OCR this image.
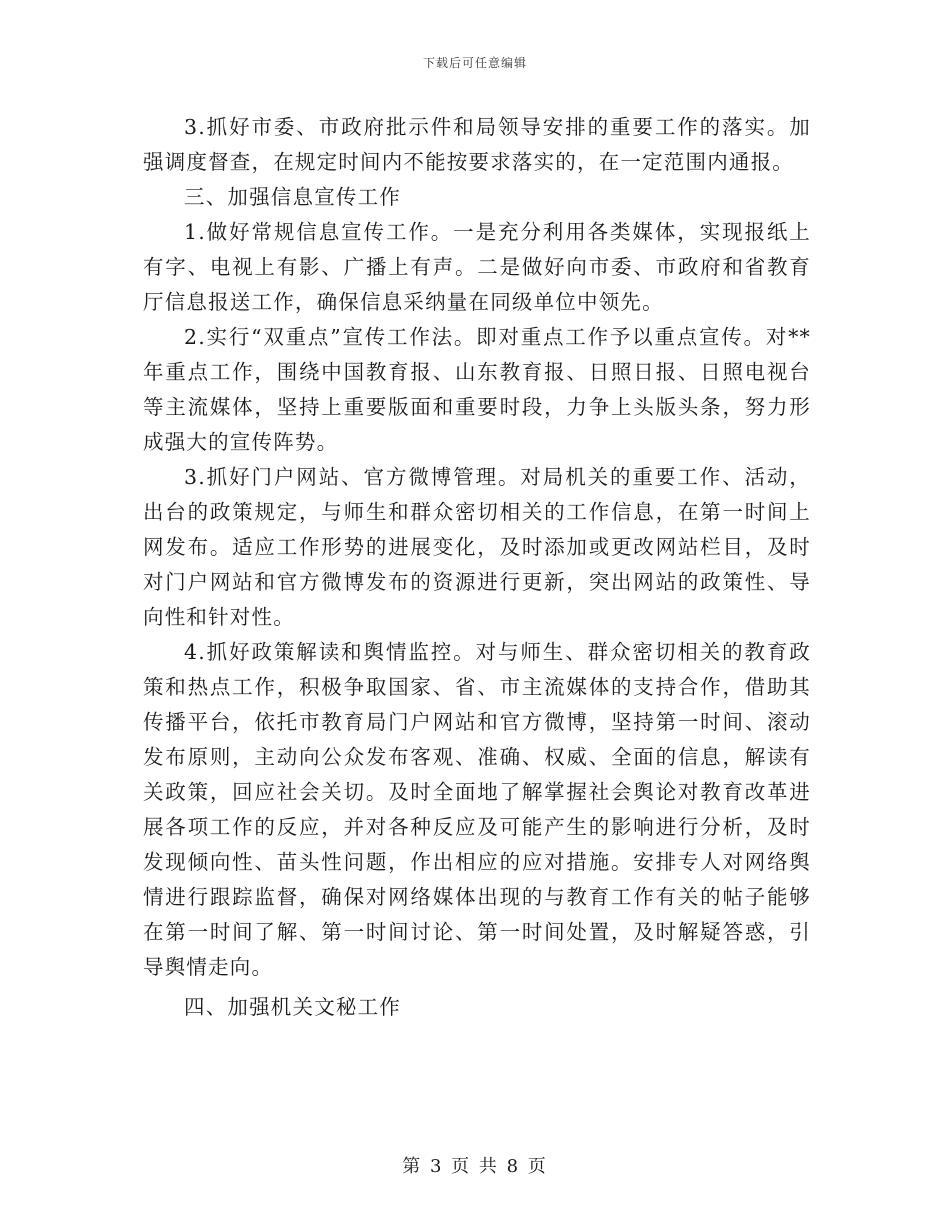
下载后可任意编辑

3.抓好市委、市政府批示件和局领导安排的重要工作的落实。加强调度督查，在规定时间内不能按要求落实的，在一定范围内通报。

三、加强信息宣传工作

1.做好常规信息宣传工作。一是充分利用各类媒体，实现报纸上有字、电视上有影、广播上有声。二是做好向市委、市政府和省教育厅信息报送工作，确保信息采纳量在同级单位中领先。

2.实行“双重点”宣传工作法。即对重点工作予以重点宣传。对**年重点工作，围绕中国教育报、山东教育报、日照日报、日照电视台等主流媒体，坚持上重要版面和重要时段，力争上头版头条，努力形成强大的宣传阵势。

3.抓好门户网站、官方微博管理。对局机关的重要工作、活动，出台的政策规定，与师生和群众密切相关的工作信息，在第一时间上网发布。适应工作形势的进展变化，及时添加或更改网站栏目，及时对门户网站和官方微博发布的资源进行更新，突出网站的政策性、导向性和针对性。

4.抓好政策解读和舆情监控。对与师生、群众密切相关的教育政策和热点工作，积极争取国家、省、市主流媒体的支持合作，借助其传播平台，依托市教育局门户网站和官方微博，坚持第一时间、滚动发布原则，主动向公众发布客观、准确、权威、全面的信息，解读有关政策，回应社会关切。及时全面地了解掌握社会舆论对教育改革进展各项工作的反应，并对各种反应及可能产生的影响进行分析，及时发现倾向性、苗头性问题，作出相应的应对措施。安排专人对网络舆情进行跟踪监督，确保对网络媒体出现的与教育工作有关的帖子能够在第一时间了解、第一时间讨论、第一时间处置，及时解疑答惑，引导舆情走向。

四、加强机关文秘工作

第 3 页 共 8 页
